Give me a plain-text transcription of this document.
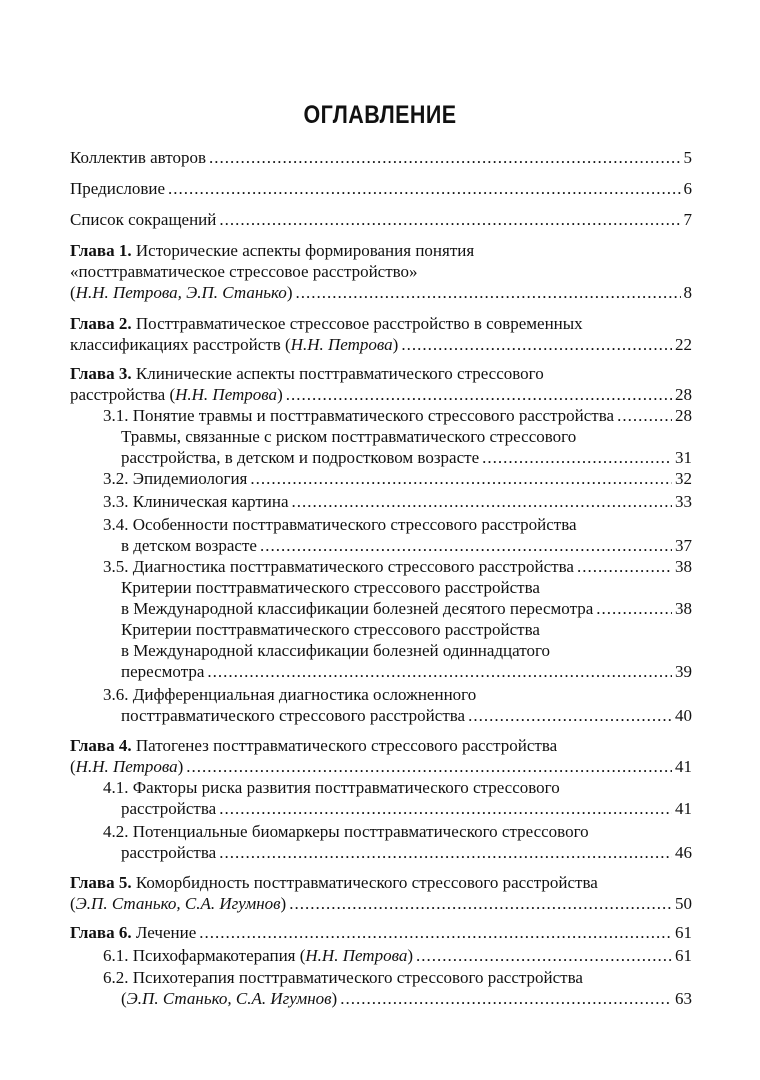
ОГЛАВЛЕНИЕ
Коллектив авторов .....	5
Предисловие .....	6
Список сокращений .....	7
Глава 1. Исторические аспекты формирования понятия
«посттравматическое стрессовое расстройство»
(Н.Н. Петрова, Э.П. Станько) .....	8
Глава 2. Посттравматическое стрессовое расстройство в современных
классификациях расстройств (Н.Н. Петрова) .....	22
Глава 3. Клинические аспекты посттравматического стрессового
расстройства (Н.Н. Петрова) .....	28
3.1. Понятие травмы и посттравматического стрессового расстройства .....	28
Травмы, связанные с риском посттравматического стрессового
расстройства, в детском и подростковом возрасте .....	31
3.2. Эпидемиология .....	32
3.3. Клиническая картина .....	33
3.4. Особенности посттравматического стрессового расстройства
в детском возрасте .....	37
3.5. Диагностика посттравматического стрессового расстройства .....	38
Критерии посттравматического стрессового расстройства
в Международной классификации болезней десятого пересмотра .....	38
Критерии посттравматического стрессового расстройства
в Международной классификации болезней одиннадцатого
пересмотра .....	39
3.6. Дифференциальная диагностика осложненного
посттравматического стрессового расстройства .....	40
Глава 4. Патогенез посттравматического стрессового расстройства
(Н.Н. Петрова) .....	41
4.1. Факторы риска развития посттравматического стрессового
расстройства .....	41
4.2. Потенциальные биомаркеры посттравматического стрессового
расстройства .....	46
Глава 5. Коморбидность посттравматического стрессового расстройства
(Э.П. Станько, С.А. Игумнов) .....	50
Глава 6. Лечение .....	61
6.1. Психофармакотерапия (Н.Н. Петрова) .....	61
6.2. Психотерапия посттравматического стрессового расстройства
(Э.П. Станько, С.А. Игумнов) .....	63
